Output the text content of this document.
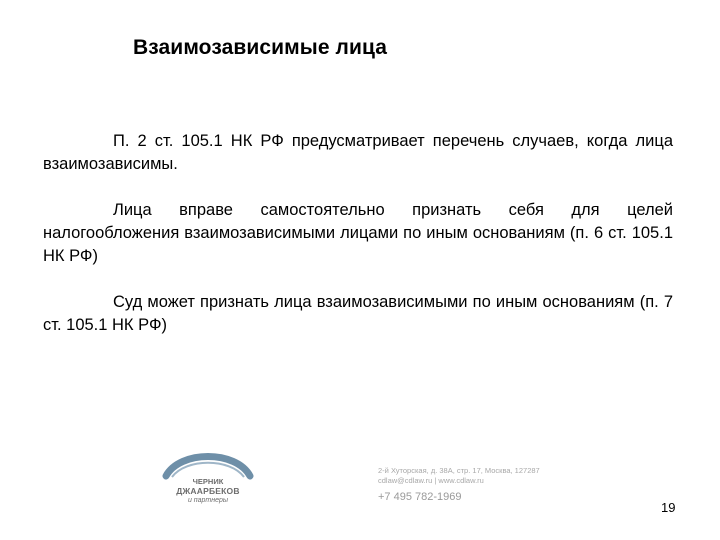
Взаимозависимые лица

П. 2 ст. 105.1 НК РФ предусматривает перечень случаев, когда лица взаимозависимы.

Лица вправе самостоятельно признать себя для целей налогообложения взаимозависимыми лицами по иным основаниям (п. 6 ст. 105.1 НК РФ)

Суд может признать лица взаимозависимыми по иным основаниям (п. 7 ст. 105.1 НК РФ)

ЧЕРНИК
ДЖААРБЕКОВ
и партнеры
2-й Хуторская, д. 38А, стр. 17, Москва, 127287
cdlaw@cdlaw.ru | www.cdlaw.ru
+7 495 782-1969
19
